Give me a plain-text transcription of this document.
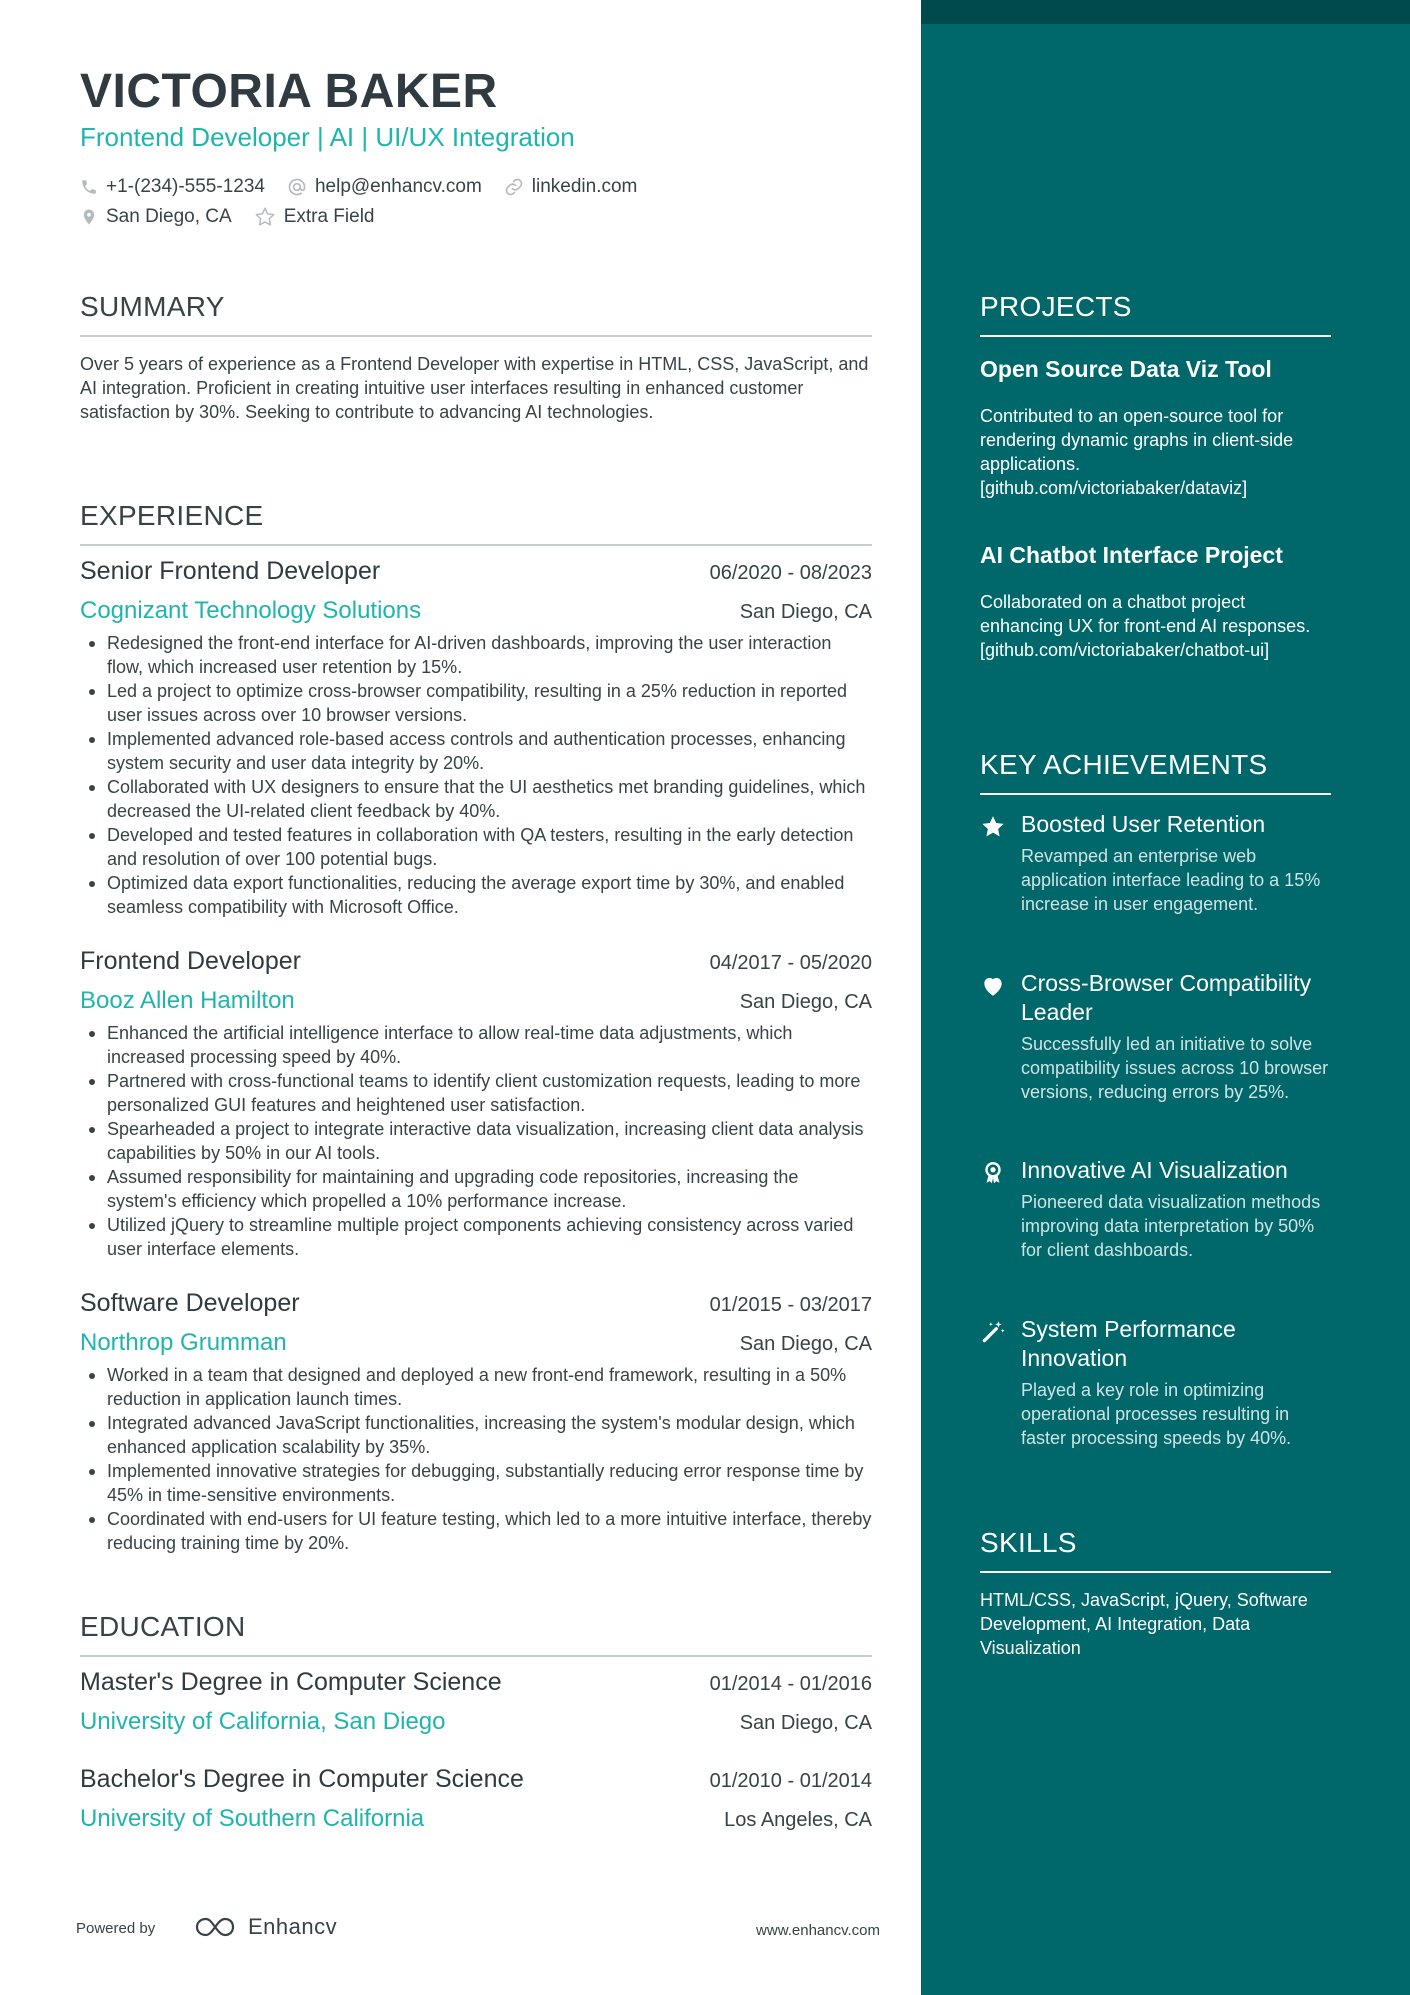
VICTORIA BAKER
Frontend Developer | AI | UI/UX Integration
+1-(234)-555-1234	help@enhancv.com	linkedin.com
San Diego, CA	Extra Field
SUMMARY
Over 5 years of experience as a Frontend Developer with expertise in HTML, CSS, JavaScript, and AI integration. Proficient in creating intuitive user interfaces resulting in enhanced customer satisfaction by 30%. Seeking to contribute to advancing AI technologies.
EXPERIENCE
Senior Frontend Developer	06/2020 - 08/2023
Cognizant Technology Solutions	San Diego, CA
Redesigned the front-end interface for AI-driven dashboards, improving the user interaction flow, which increased user retention by 15%.
Led a project to optimize cross-browser compatibility, resulting in a 25% reduction in reported user issues across over 10 browser versions.
Implemented advanced role-based access controls and authentication processes, enhancing system security and user data integrity by 20%.
Collaborated with UX designers to ensure that the UI aesthetics met branding guidelines, which decreased the UI-related client feedback by 40%.
Developed and tested features in collaboration with QA testers, resulting in the early detection and resolution of over 100 potential bugs.
Optimized data export functionalities, reducing the average export time by 30%, and enabled seamless compatibility with Microsoft Office.
Frontend Developer	04/2017 - 05/2020
Booz Allen Hamilton	San Diego, CA
Enhanced the artificial intelligence interface to allow real-time data adjustments, which increased processing speed by 40%.
Partnered with cross-functional teams to identify client customization requests, leading to more personalized GUI features and heightened user satisfaction.
Spearheaded a project to integrate interactive data visualization, increasing client data analysis capabilities by 50% in our AI tools.
Assumed responsibility for maintaining and upgrading code repositories, increasing the system's efficiency which propelled a 10% performance increase.
Utilized jQuery to streamline multiple project components achieving consistency across varied user interface elements.
Software Developer	01/2015 - 03/2017
Northrop Grumman	San Diego, CA
Worked in a team that designed and deployed a new front-end framework, resulting in a 50% reduction in application launch times.
Integrated advanced JavaScript functionalities, increasing the system's modular design, which enhanced application scalability by 35%.
Implemented innovative strategies for debugging, substantially reducing error response time by 45% in time-sensitive environments.
Coordinated with end-users for UI feature testing, which led to a more intuitive interface, thereby reducing training time by 20%.
EDUCATION
Master's Degree in Computer Science	01/2014 - 01/2016
University of California, San Diego	San Diego, CA
Bachelor's Degree in Computer Science	01/2010 - 01/2014
University of Southern California	Los Angeles, CA
Powered by	Enhancv	www.enhancv.com
PROJECTS
Open Source Data Viz Tool
Contributed to an open-source tool for rendering dynamic graphs in client-side applications. [github.com/victoriabaker/dataviz]
AI Chatbot Interface Project
Collaborated on a chatbot project enhancing UX for front-end AI responses. [github.com/victoriabaker/chatbot-ui]
KEY ACHIEVEMENTS
Boosted User Retention
Revamped an enterprise web application interface leading to a 15% increase in user engagement.
Cross-Browser Compatibility Leader
Successfully led an initiative to solve compatibility issues across 10 browser versions, reducing errors by 25%.
Innovative AI Visualization
Pioneered data visualization methods improving data interpretation by 50% for client dashboards.
System Performance Innovation
Played a key role in optimizing operational processes resulting in faster processing speeds by 40%.
SKILLS
HTML/CSS, JavaScript, jQuery, Software Development, AI Integration, Data Visualization
